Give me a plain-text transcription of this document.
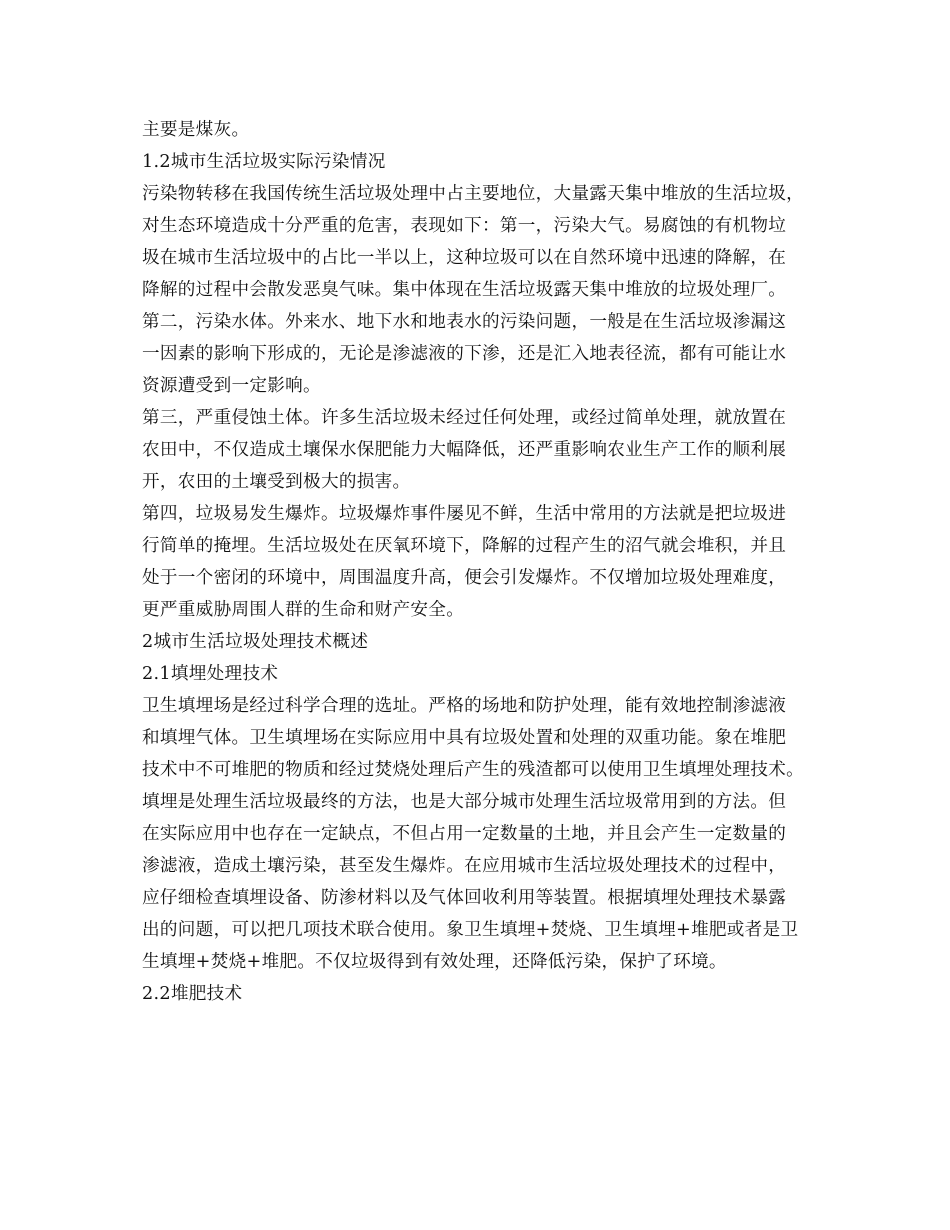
主要是煤灰。
1.2城市生活垃圾实际污染情况
污染物转移在我国传统生活垃圾处理中占主要地位，大量露天集中堆放的生活垃圾，
对生态环境造成十分严重的危害，表现如下：第一，污染大气。易腐蚀的有机物垃
圾在城市生活垃圾中的占比一半以上，这种垃圾可以在自然环境中迅速的降解，在
降解的过程中会散发恶臭气味。集中体现在生活垃圾露天集中堆放的垃圾处理厂。
第二，污染水体。外来水、地下水和地表水的污染问题，一般是在生活垃圾渗漏这
一因素的影响下形成的，无论是渗滤液的下渗，还是汇入地表径流，都有可能让水
资源遭受到一定影响。
第三，严重侵蚀土体。许多生活垃圾未经过任何处理，或经过简单处理，就放置在
农田中，不仅造成土壤保水保肥能力大幅降低，还严重影响农业生产工作的顺利展
开，农田的土壤受到极大的损害。
第四，垃圾易发生爆炸。垃圾爆炸事件屡见不鲜，生活中常用的方法就是把垃圾进
行简单的掩埋。生活垃圾处在厌氧环境下，降解的过程产生的沼气就会堆积，并且
处于一个密闭的环境中，周围温度升高，便会引发爆炸。不仅增加垃圾处理难度，
更严重威胁周围人群的生命和财产安全。
2城市生活垃圾处理技术概述
2.1填埋处理技术
卫生填埋场是经过科学合理的选址。严格的场地和防护处理，能有效地控制渗滤液
和填埋气体。卫生填埋场在实际应用中具有垃圾处置和处理的双重功能。象在堆肥
技术中不可堆肥的物质和经过焚烧处理后产生的残渣都可以使用卫生填埋处理技术。
填埋是处理生活垃圾最终的方法，也是大部分城市处理生活垃圾常用到的方法。但
在实际应用中也存在一定缺点，不但占用一定数量的土地，并且会产生一定数量的
渗滤液，造成土壤污染，甚至发生爆炸。在应用城市生活垃圾处理技术的过程中，
应仔细检查填埋设备、防渗材料以及气体回收利用等装置。根据填埋处理技术暴露
出的问题，可以把几项技术联合使用。象卫生填埋+焚烧、卫生填埋+堆肥或者是卫
生填埋+焚烧+堆肥。不仅垃圾得到有效处理，还降低污染，保护了环境。
2.2堆肥技术
